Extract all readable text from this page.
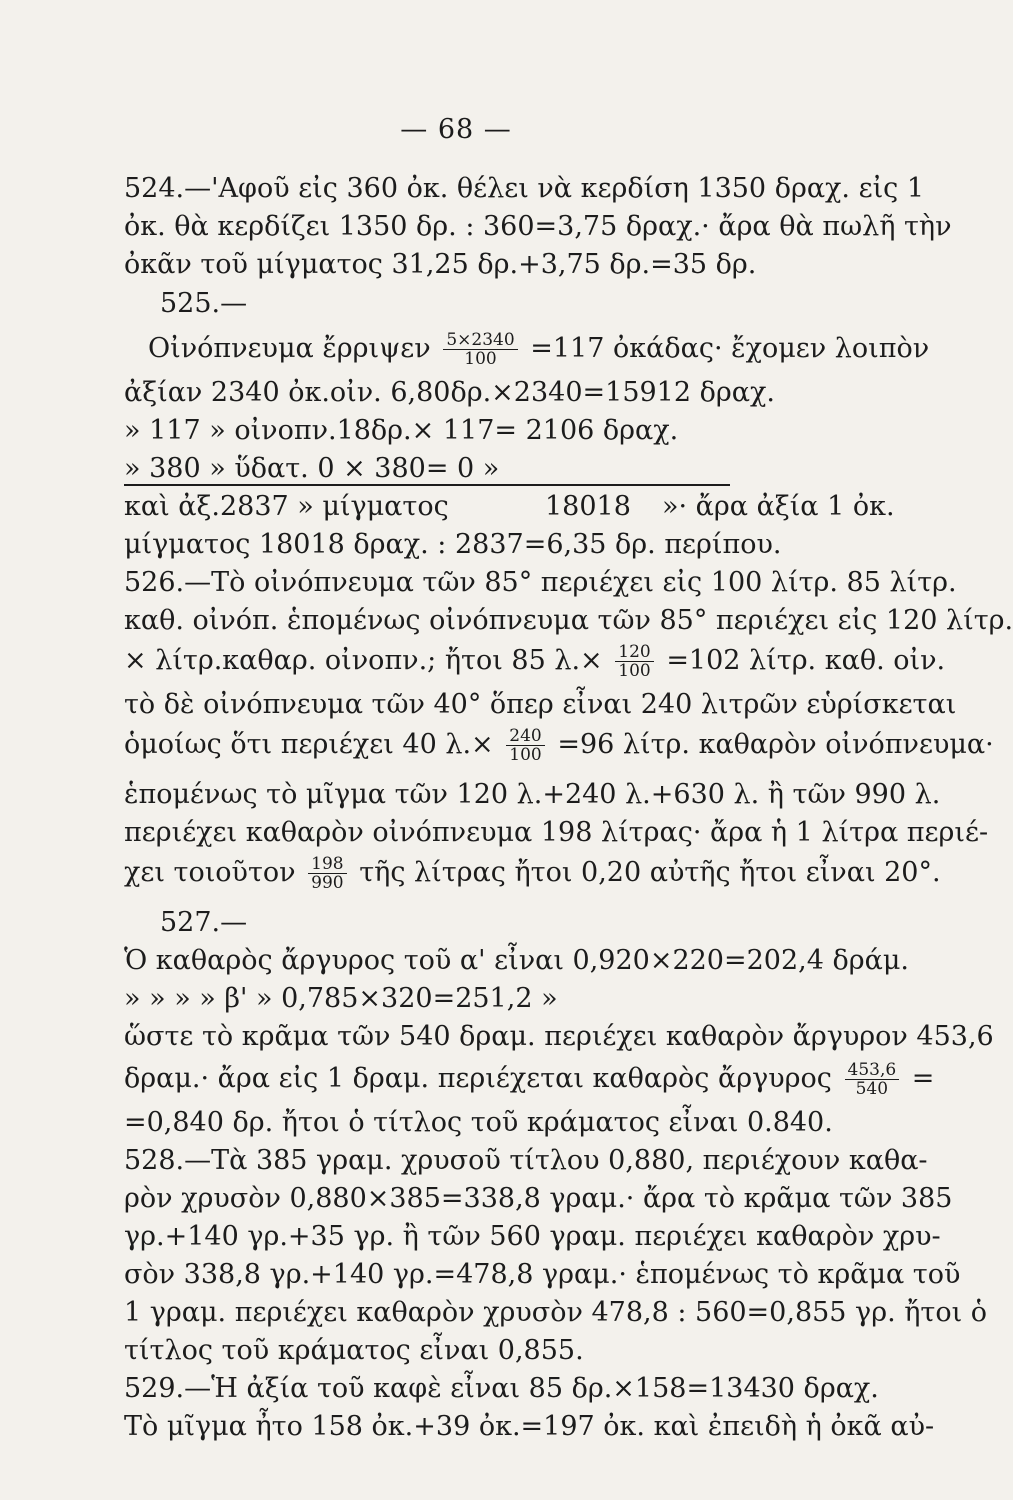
— 68 —
524.—'Αφοῦ εἰς 360 ὀκ. θέλει νὰ κερδίση 1350 δραχ. εἰς 1
ὀκ. θὰ κερδίζει 1350 δρ. : 360=3,75 δραχ.· ἄρα θὰ πωλῆ τὴν
ὀκᾶν τοῦ μίγματος 31,25 δρ.+3,75 δρ.=35 δρ.
525.—
Οἰνόπνευμα ἔρριψεν $\frac{5\times 2340}{100} =117$ ὀκάδας· ἔχομεν λοιπὸν
ἀξίαν 2340 ὀκ.οἰν. 6,80δρ.×2340=15912 δραχ.
» 117 » οἰνοπν.18δρ.× 117= 2106 δραχ.
» 380 » ὕδατ. 0 × 380= 0 »
καὶ ἀξ.2837 » μίγματος	18018	»· ἄρα ἀξία 1 ὀκ.
μίγματος 18018 δραχ. : 2837=6,35 δρ. περίπου.
526.—Τὸ οἰνόπνευμα τῶν 85° περιέχει εἰς 100 λίτρ. 85 λίτρ.
καθ. οἰνόπ. ἑπομένως οἰνόπνευμα τῶν 85° περιέχει εἰς 120 λίτρ.
× λίτρ.καθαρ. οἰνοπν.; ἤτοι 85 $\lambda.\times \frac{120}{100} =102$ λίτρ. καθ. οἰν.
τὸ δὲ οἰνόπνευμα τῶν 40° ὅπερ εἶναι 240 λιτρῶν εὑρίσκεται
ὁμοίως ὅτι περιέχει 40 $\lambda.\times \frac{240}{100} =96$ λίτρ. καθαρὸν οἰνόπνευμα·
ἑπομένως τὸ μῖγμα τῶν 120 λ.+240 λ.+630 λ. ἢ τῶν 990 λ.
περιέχει καθαρὸν οἰνόπνευμα 198 λίτρας· ἄρα ἡ 1 λίτρα περιέ-
χει τοιοῦτον $\frac{198}{990}$ τῆς λίτρας ἤτοι 0,20 αὐτῆς ἤτοι εἶναι 20°.
527.—
Ὁ καθαρὸς ἄργυρος τοῦ α' εἶναι 0,920×220=202,4 δράμ.
» » » » β' » 0,785×320=251,2 »
ὥστε τὸ κρᾶμα τῶν 540 δραμ. περιέχει καθαρὸν ἄργυρον 453,6
δραμ.· ἄρα εἰς 1 δραμ. περιέχεται καθαρὸς ἄργυρος $\frac{453,6}{540}$ =
=0,840 δρ. ἤτοι ὁ τίτλος τοῦ κράματος εἶναι 0.840.
528.—Τὰ 385 γραμ. χρυσοῦ τίτλου 0,880, περιέχουν καθα-
ρὸν χρυσὸν 0,880×385=338,8 γραμ.· ἄρα τὸ κρᾶμα τῶν 385
γρ.+140 γρ.+35 γρ. ἢ τῶν 560 γραμ. περιέχει καθαρὸν χρυ-
σὸν 338,8 γρ.+140 γρ.=478,8 γραμ.· ἑπομένως τὸ κρᾶμα τοῦ
1 γραμ. περιέχει καθαρὸν χρυσὸν 478,8 : 560=0,855 γρ. ἤτοι ὁ
τίτλος τοῦ κράματος εἶναι 0,855.
529.—Ἡ ἀξία τοῦ καφὲ εἶναι 85 δρ.×158=13430 δραχ.
Τὸ μῖγμα ἦτο 158 ὀκ.+39 ὀκ.=197 ὀκ. καὶ ἐπειδὴ ἡ ὀκᾶ αὐ-
